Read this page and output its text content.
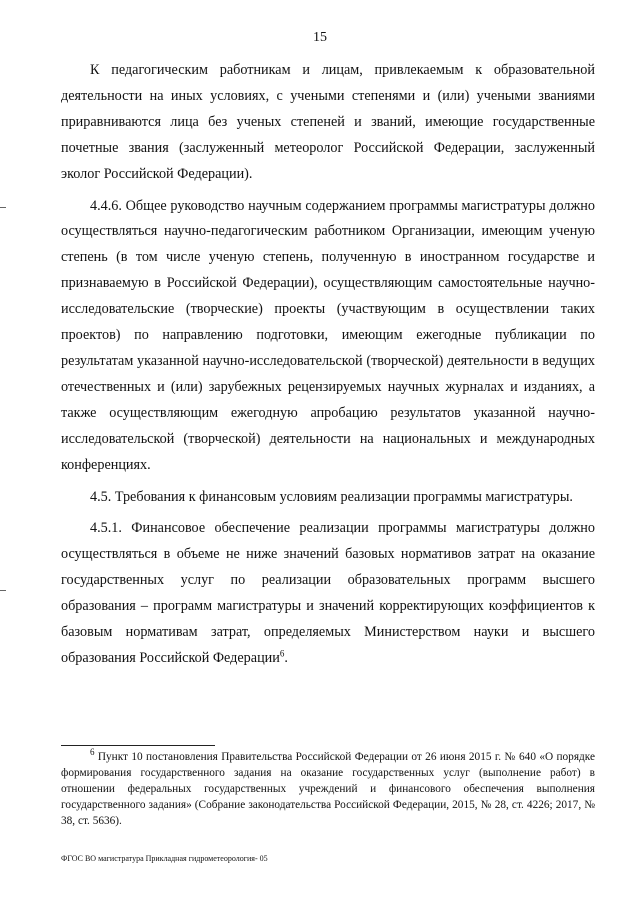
15

К педагогическим работникам и лицам, привлекаемым к образовательной деятельности на иных условиях, с учеными степенями и (или) учеными званиями приравниваются лица без ученых степеней и званий, имеющие государственные почетные звания (заслуженный метеоролог Российской Федерации, заслуженный эколог Российской Федерации).

4.4.6. Общее руководство научным содержанием программы магистратуры должно осуществляться научно-педагогическим работником Организации, имеющим ученую степень (в том числе ученую степень, полученную в иностранном государстве и признаваемую в Российской Федерации), осуществляющим самостоятельные научно-исследовательские (творческие) проекты (участвующим в осуществлении таких проектов) по направлению подготовки, имеющим ежегодные публикации по результатам указанной научно-исследовательской (творческой) деятельности в ведущих отечественных и (или) зарубежных рецензируемых научных журналах и изданиях, а также осуществляющим ежегодную апробацию результатов указанной научно-исследовательской (творческой) деятельности на национальных и международных конференциях.

4.5. Требования к финансовым условиям реализации программы магистратуры.

4.5.1. Финансовое обеспечение реализации программы магистратуры должно осуществляться в объеме не ниже значений базовых нормативов затрат на оказание государственных услуг по реализации образовательных программ высшего образования – программ магистратуры и значений корректирующих коэффициентов к базовым нормативам затрат, определяемых Министерством науки и высшего образования Российской Федерации$^6$.

$^6$ Пункт 10 постановления Правительства Российской Федерации от 26 июня 2015 г. № 640 «О порядке формирования государственного задания на оказание государственных услуг (выполнение работ) в отношении федеральных государственных учреждений и финансового обеспечения выполнения государственного задания» (Собрание законодательства Российской Федерации, 2015, № 28, ст. 4226; 2017, № 38, ст. 5636).

ФГОС ВО магистратура Прикладная гидрометеорология- 05
